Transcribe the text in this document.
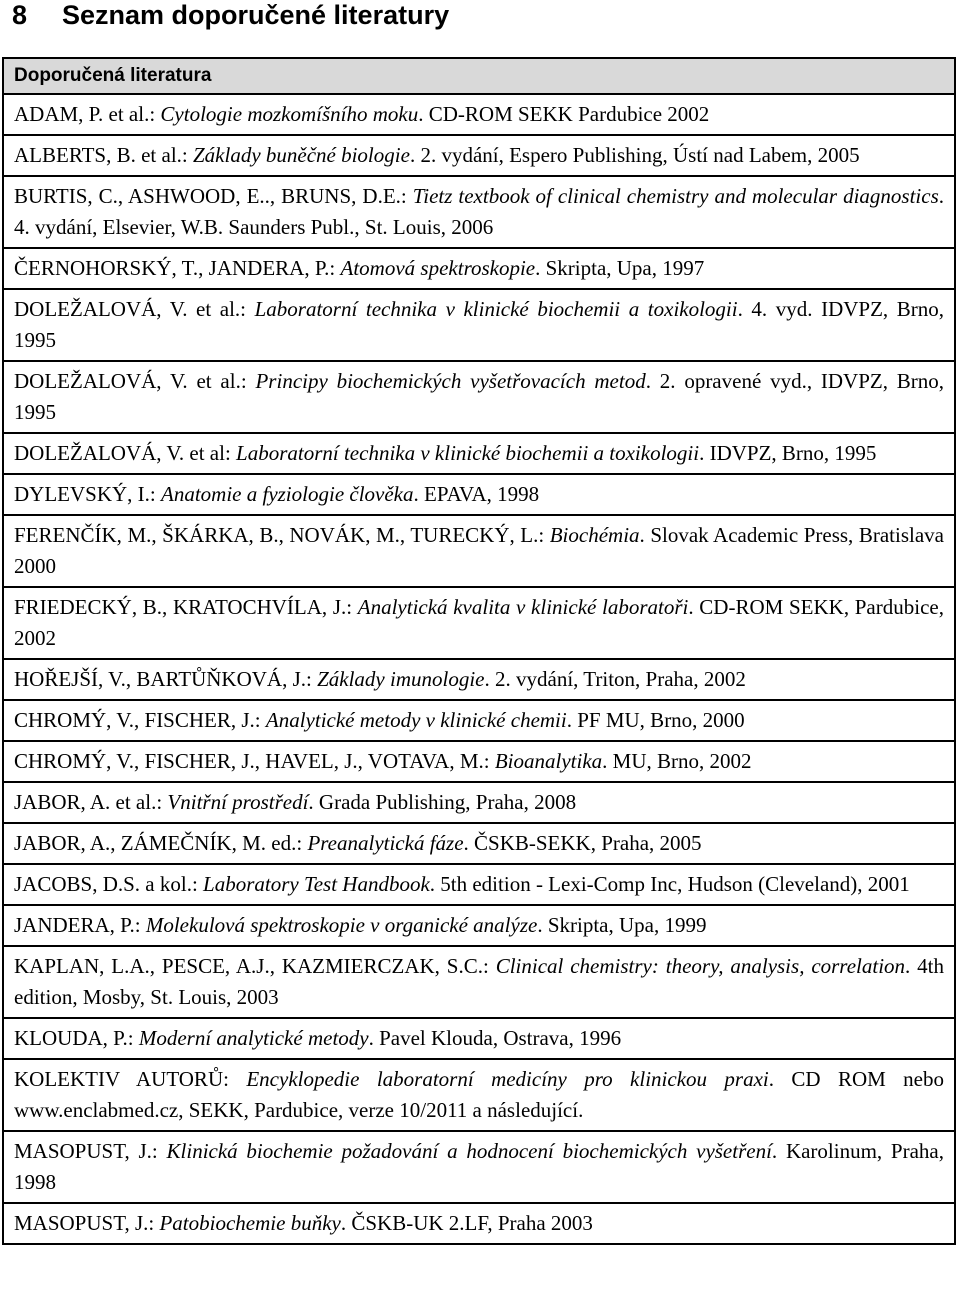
8 Seznam doporučené literatury
Doporučená literatura
ADAM, P. et al.: Cytologie mozkomíšního moku. CD-ROM SEKK Pardubice 2002
ALBERTS, B. et al.: Základy buněčné biologie. 2. vydání, Espero Publishing, Ústí nad Labem, 2005
BURTIS, C., ASHWOOD, E.., BRUNS, D.E.: Tietz textbook of clinical chemistry and molecular diagnostics. 4. vydání, Elsevier, W.B. Saunders Publ., St. Louis, 2006
ČERNOHORSKÝ, T., JANDERA, P.: Atomová spektroskopie. Skripta, Upa, 1997
DOLEŽALOVÁ, V. et al.: Laboratorní technika v klinické biochemii a toxikologii. 4. vyd. IDVPZ, Brno, 1995
DOLEŽALOVÁ, V. et al.: Principy biochemických vyšetřovacích metod. 2. opravené vyd., IDVPZ, Brno, 1995
DOLEŽALOVÁ, V. et al: Laboratorní technika v klinické biochemii a toxikologii. IDVPZ, Brno, 1995
DYLEVSKÝ, I.: Anatomie a fyziologie člověka. EPAVA, 1998
FERENČÍK, M., ŠKÁRKA, B., NOVÁK, M., TURECKÝ, L.: Biochémia. Slovak Academic Press, Bratislava 2000
FRIEDECKÝ, B., KRATOCHVÍLA, J.: Analytická kvalita v klinické laboratoři. CD-ROM SEKK, Pardubice, 2002
HOŘEJŠÍ, V., BARTŮŇKOVÁ, J.: Základy imunologie. 2. vydání, Triton, Praha, 2002
CHROMÝ, V., FISCHER, J.: Analytické metody v klinické chemii. PF MU, Brno, 2000
CHROMÝ, V., FISCHER, J., HAVEL, J., VOTAVA, M.: Bioanalytika. MU, Brno, 2002
JABOR, A. et al.: Vnitřní prostředí. Grada Publishing, Praha, 2008
JABOR, A., ZÁMEČNÍK, M. ed.: Preanalytická fáze. ČSKB-SEKK, Praha, 2005
JACOBS, D.S. a kol.: Laboratory Test Handbook. 5th edition - Lexi-Comp Inc, Hudson (Cleveland), 2001
JANDERA, P.: Molekulová spektroskopie v organické analýze. Skripta, Upa, 1999
KAPLAN, L.A., PESCE, A.J., KAZMIERCZAK, S.C.: Clinical chemistry: theory, analysis, correlation. 4th edition, Mosby, St. Louis, 2003
KLOUDA, P.: Moderní analytické metody. Pavel Klouda, Ostrava, 1996
KOLEKTIV AUTORŮ: Encyklopedie laboratorní medicíny pro klinickou praxi. CD ROM nebo www.enclabmed.cz, SEKK, Pardubice, verze 10/2011 a následující.
MASOPUST, J.: Klinická biochemie požadování a hodnocení biochemických vyšetření. Karolinum, Praha, 1998
MASOPUST, J.: Patobiochemie buňky. ČSKB-UK 2.LF, Praha 2003
